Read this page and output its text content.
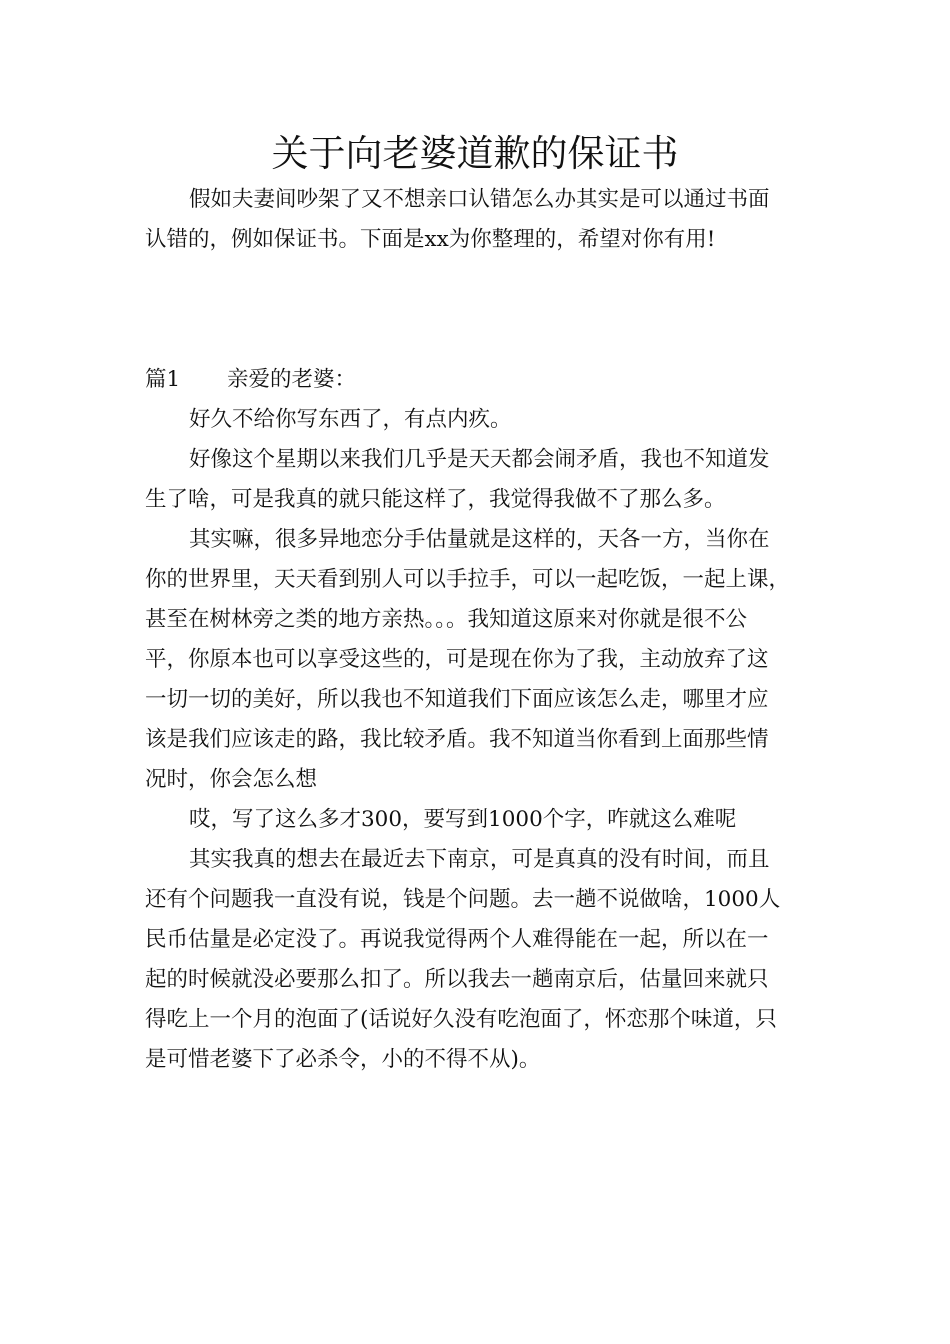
关于向老婆道歉的保证书
假如夫妻间吵架了又不想亲口认错怎么办其实是可以通过书面
认错的，例如保证书。下面是xx为你整理的，希望对你有用!
篇1	亲爱的老婆：
好久不给你写东西了，有点内疚。
好像这个星期以来我们几乎是天天都会闹矛盾，我也不知道发
生了啥，可是我真的就只能这样了，我觉得我做不了那么多。
其实嘛，很多异地恋分手估量就是这样的，天各一方，当你在
你的世界里，天天看到别人可以手拉手，可以一起吃饭，一起上课，
甚至在树林旁之类的地方亲热。。。我知道这原来对你就是很不公
平，你原本也可以享受这些的，可是现在你为了我，主动放弃了这
一切一切的美好，所以我也不知道我们下面应该怎么走，哪里才应
该是我们应该走的路，我比较矛盾。我不知道当你看到上面那些情
况时，你会怎么想
哎，写了这么多才300，要写到1000个字，咋就这么难呢
其实我真的想去在最近去下南京，可是真真的没有时间，而且
还有个问题我一直没有说，钱是个问题。去一趟不说做啥，1000人
民币估量是必定没了。再说我觉得两个人难得能在一起，所以在一
起的时候就没必要那么扣了。所以我去一趟南京后，估量回来就只
得吃上一个月的泡面了(话说好久没有吃泡面了，怀恋那个味道，只
是可惜老婆下了必杀令，小的不得不从)。
